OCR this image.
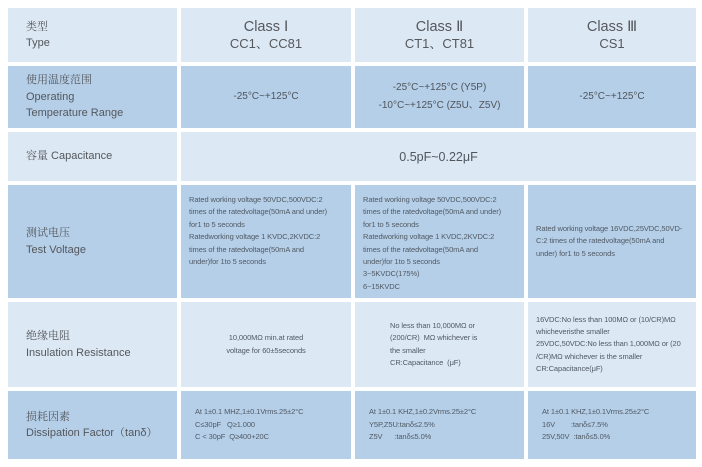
类型
Type
Class Ⅰ
CC1、CC81
Class Ⅱ
CT1、CT81
Class Ⅲ
CS1
使用温度范围
Operating
Temperature Range
-25°C~+125°C
-25°C~+125°C (Y5P)
-10°C~+125°C (Z5U、Z5V)
-25°C~+125°C
容量 Capacitance	0.5pF~0.22μF
测试电压
Test Voltage
Rated working voltage 50VDC,500VDC:2
times of the ratedvoltage(50mA and under)
for1 to 5 seconds
Ratedworking voltage 1 KVDC,2KVDC:2
times of the ratedvoltage(50mA and
under)for 1to 5 seconds
Rated working voltage 50VDC,500VDC:2
times of the ratedvoltage(50mA and under)
for1 to 5 seconds
Ratedworking voltage 1 KVDC,2KVDC:2
times of the ratedvoltage(50mA and
under)for 1to 5 seconds
3~5KVDC(175%)
6~15KVDC
Rated working voltage 16VDC,25VDC,50VD-
C:2 times of the ratedvoltage(50mA and
under) for1 to 5 seconds
绝缘电阻
Insulation Resistance
10,000MΩ min.at rated
voltage for 60±5seconds
No less than 10,000MΩ or
(200/CR)  MΩ whichever is
the smaller
CR:Capacitance  (μF)
16VDC:No less than 100MΩ or (10/CR)MΩ
whicheveristhe smaller
25VDC,50VDC:No less than 1,000MΩ or (20
/CR)MΩ whichever is the smaller
CR:Capacitance(μF)
损耗因素
Dissipation Factor（tanδ）
At 1±0.1 MHZ,1±0.1Vrms.25±2°C
C≤30pF   Q≥1.000
C < 30pF  Q≥400+20C
At 1±0.1 KHZ,1±0.2Vrms.25±2°C
Y5P,Z5U:tanδ≤2.5%
Z5V      :tanδ≤5.0%
At 1±0.1 KHZ,1±0.1Vrms.25±2°C
16V        :tanδ≤7.5%
25V,50V  :tanδ≤5.0%
